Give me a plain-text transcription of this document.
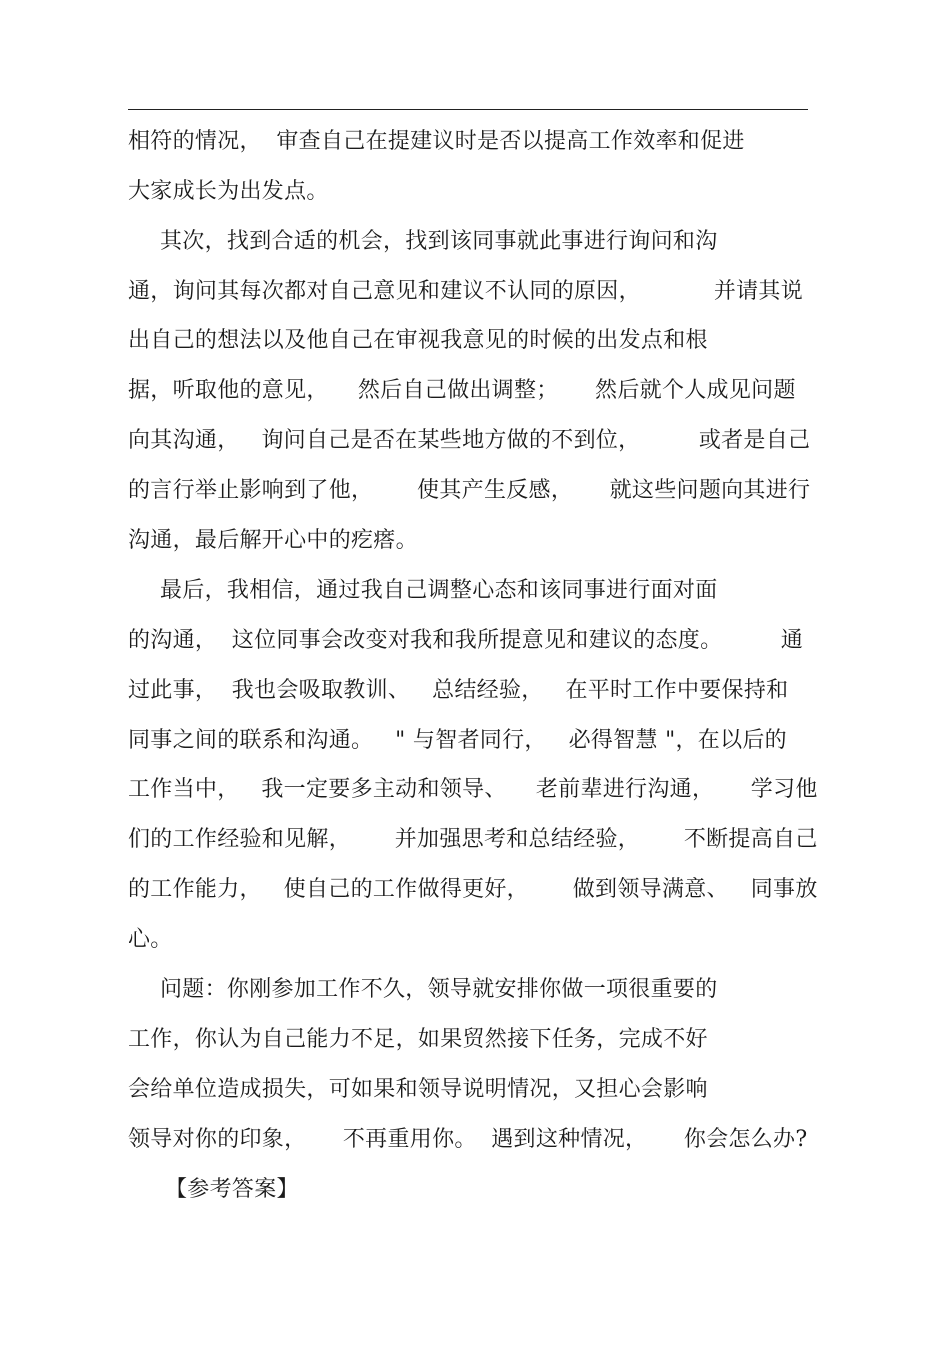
相符的情况，  审查自己在提建议时是否以提高工作效率和促进
大家成长为出发点。
其次，找到合适的机会，找到该同事就此事进行询问和沟
通，询问其每次都对自己意见和建议不认同的原因，          并请其说
出自己的想法以及他自己在审视我意见的时候的出发点和根
据，听取他的意见，    然后自己做出调整；     然后就个人成见问题
向其沟通，   询问自己是否在某些地方做的不到位，        或者是自己
的言行举止影响到了他，      使其产生反感，     就这些问题向其进行
沟通，最后解开心中的疙瘩。
最后，我相信，通过我自己调整心态和该同事进行面对面
的沟通，  这位同事会改变对我和我所提意见和建议的态度。        通
过此事，  我也会吸取教训、   总结经验，   在平时工作中要保持和
同事之间的联系和沟通。   " 与智者同行，   必得智慧 "，在以后的
工作当中，   我一定要多主动和领导、    老前辈进行沟通，     学习他
们的工作经验和见解，      并加强思考和总结经验，      不断提高自己
的工作能力，   使自己的工作做得更好，      做到领导满意、   同事放
心。
问题：你刚参加工作不久，领导就安排你做一项很重要的
工作，你认为自己能力不足，如果贸然接下任务，完成不好
会给单位造成损失，可如果和领导说明情况，又担心会影响
领导对你的印象，     不再重用你。  遇到这种情况，     你会怎么办?
【参考答案】
